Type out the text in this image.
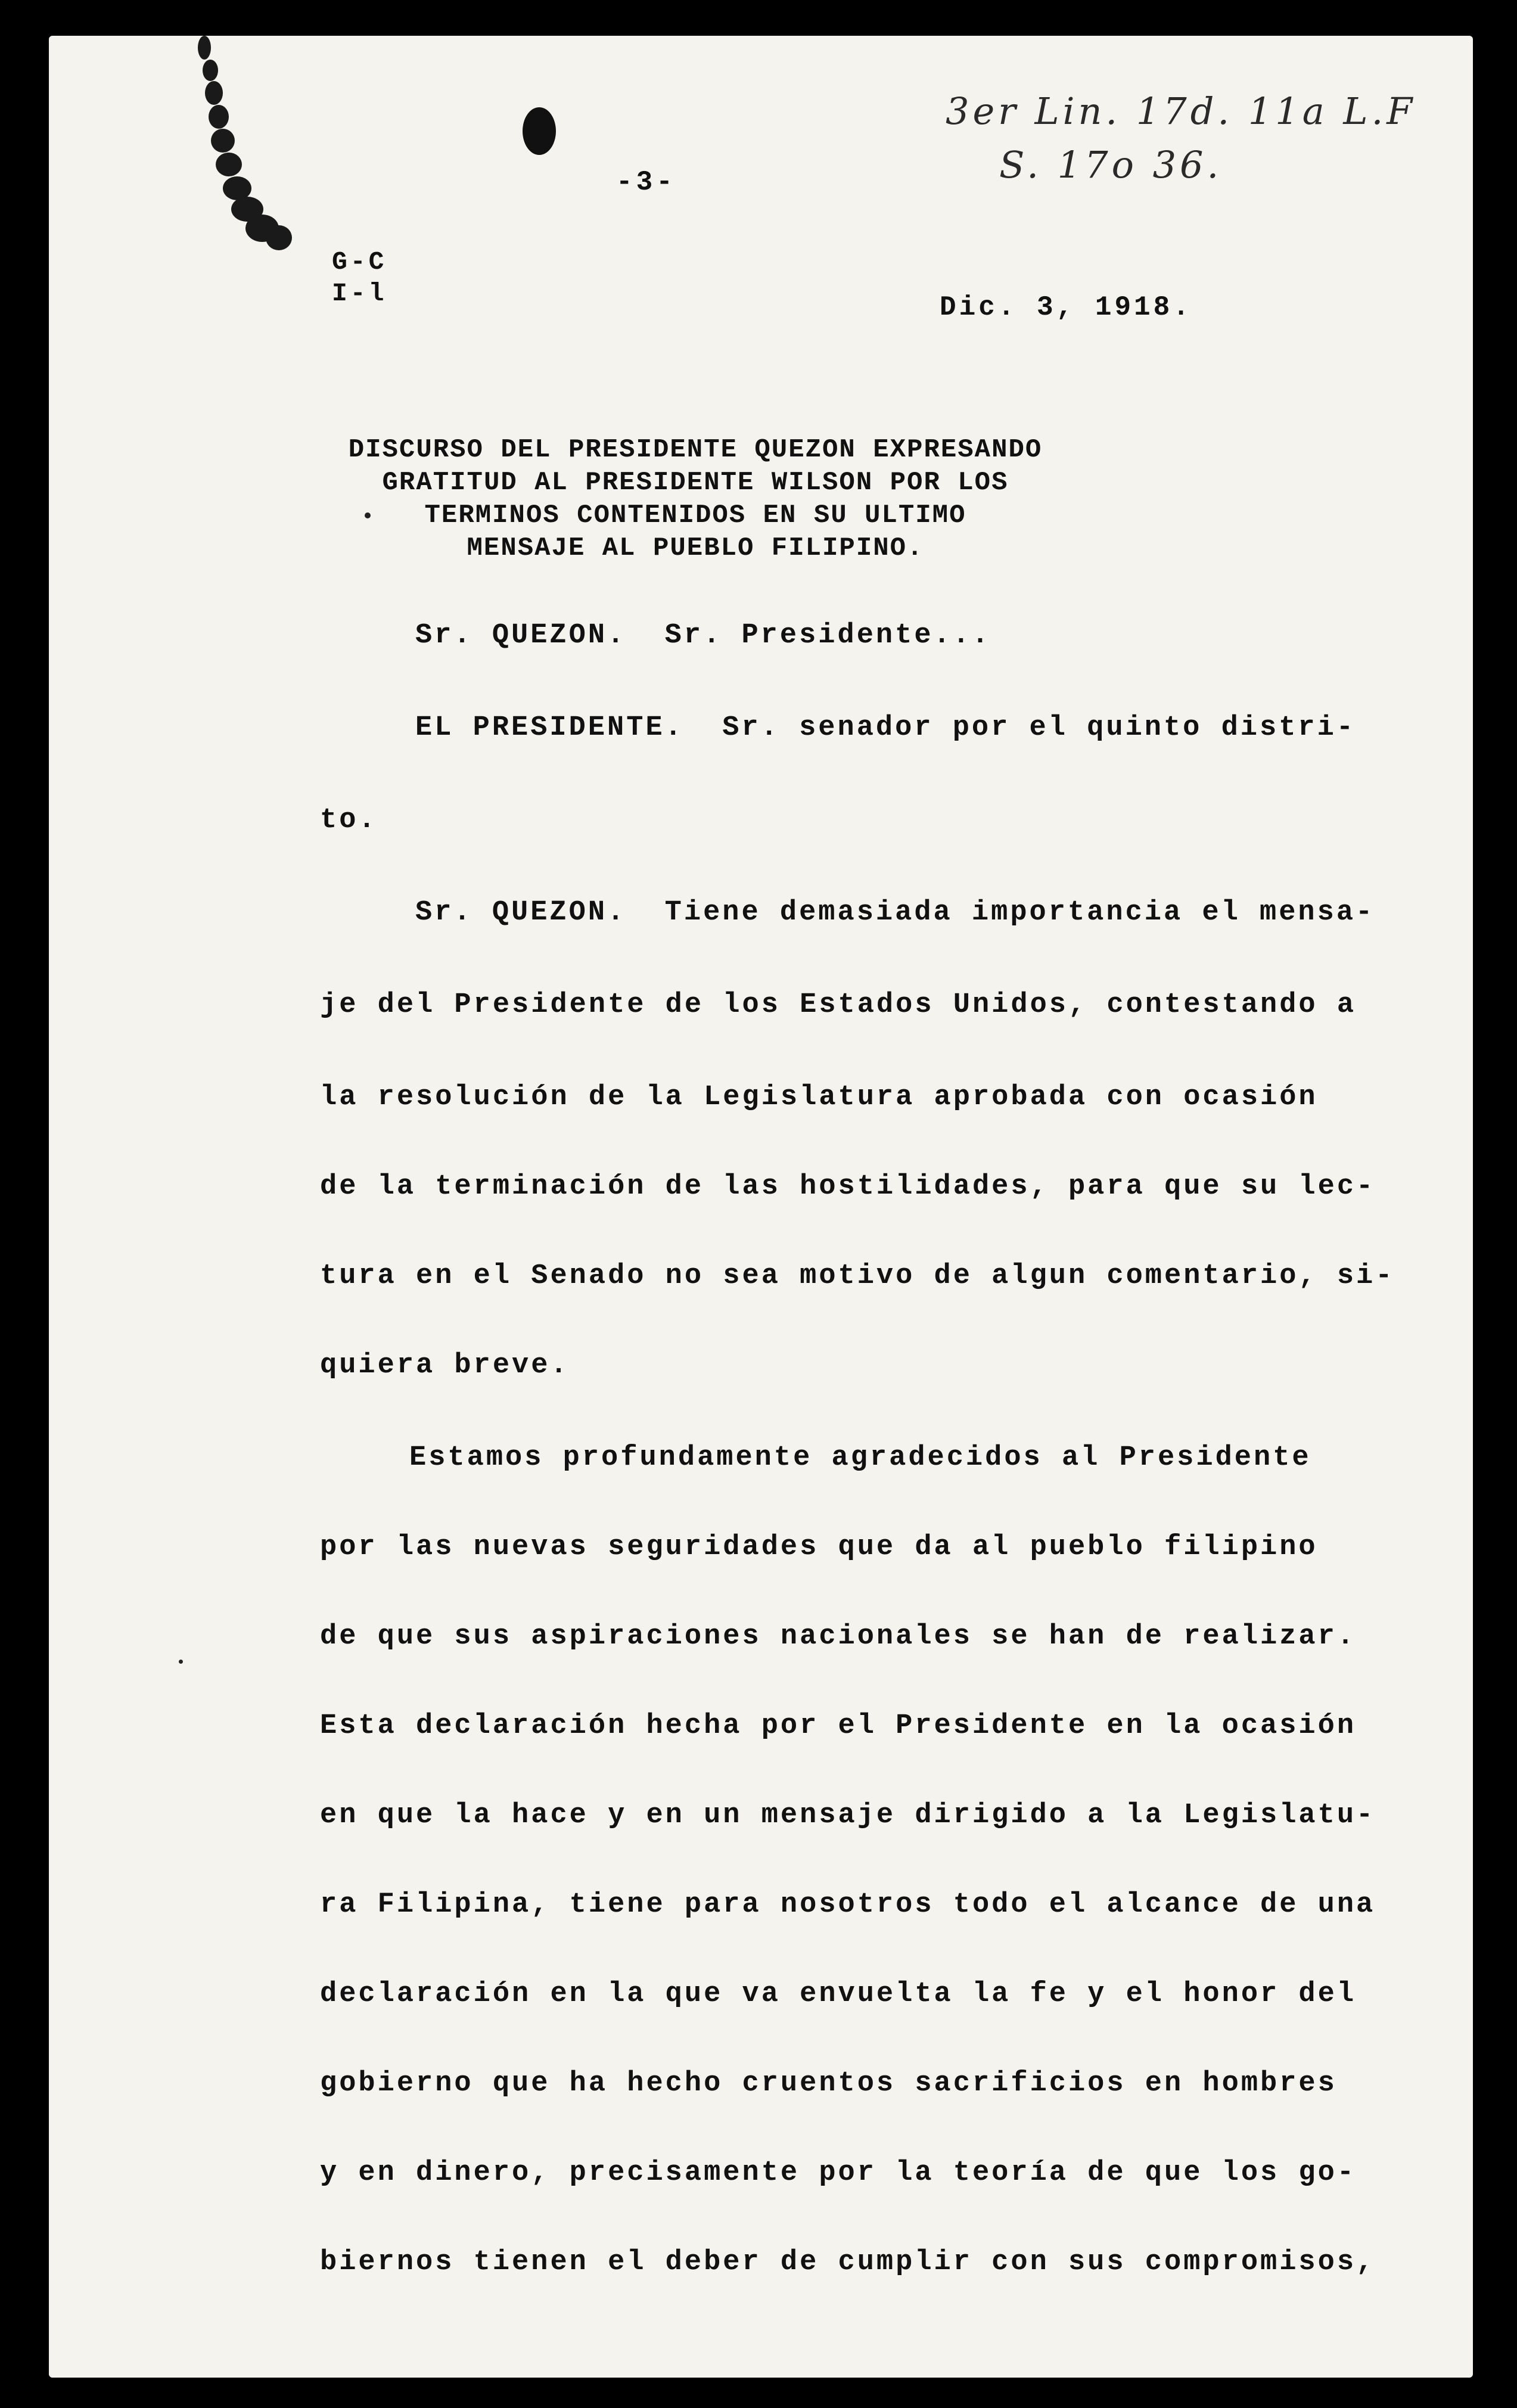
-3-
3er Lin. 17d. 11a L.F
S. 17o 36.
G-C
I-l	Dic. 3, 1918.
DISCURSO DEL PRESIDENTE QUEZON EXPRESANDO
GRATITUD AL PRESIDENTE WILSON POR LOS
TERMINOS CONTENIDOS EN SU ULTIMO
MENSAJE AL PUEBLO FILIPINO.
Sr. QUEZON.  Sr. Presidente...
EL PRESIDENTE.  Sr. senador por el quinto distri-
to.
Sr. QUEZON.  Tiene demasiada importancia el mensa-
je del Presidente de los Estados Unidos, contestando a
la resolución de la Legislatura aprobada con ocasión
de la terminación de las hostilidades, para que su lec-
tura en el Senado no sea motivo de algun comentario, si-
quiera breve.
Estamos profundamente agradecidos al Presidente
por las nuevas seguridades que da al pueblo filipino
de que sus aspiraciones nacionales se han de realizar.
Esta declaración hecha por el Presidente en la ocasión
en que la hace y en un mensaje dirigido a la Legislatu-
ra Filipina, tiene para nosotros todo el alcance de una
declaración en la que va envuelta la fe y el honor del
gobierno que ha hecho cruentos sacrificios en hombres
y en dinero, precisamente por la teoría de que los go-
biernos tienen el deber de cumplir con sus compromisos,
